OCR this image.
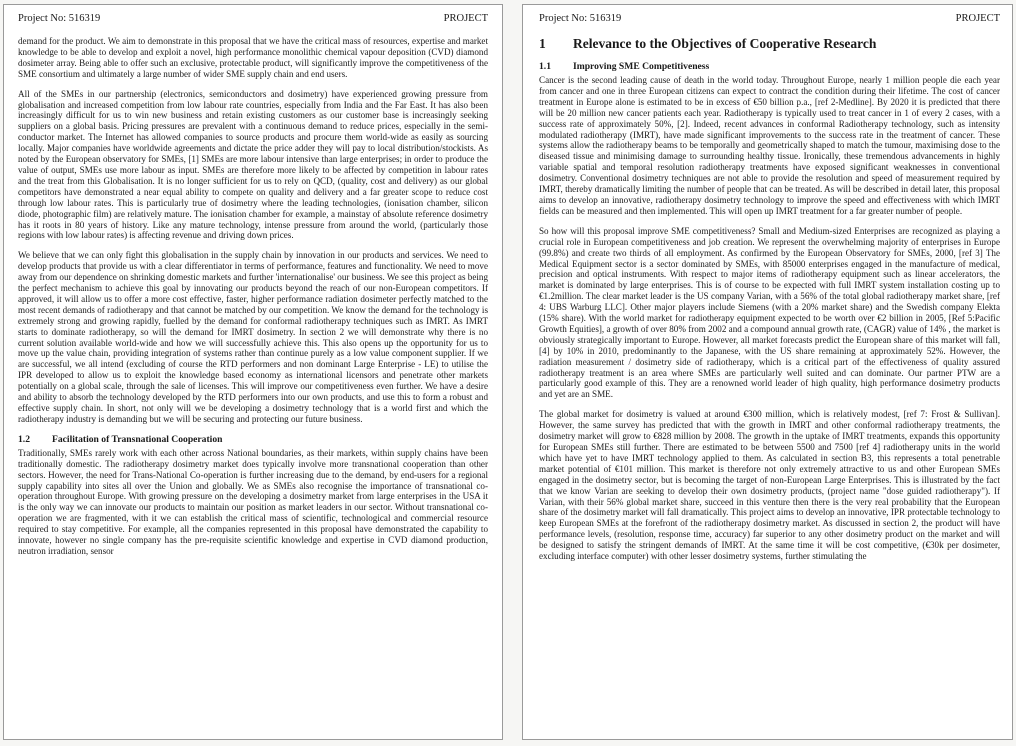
Project No: 516319	PROJECT

demand for the product. We aim to demonstrate in this proposal that we have the critical mass of resources, expertise and market knowledge to be able to develop and exploit a novel, high performance monolithic chemical vapour deposition (CVD) diamond dosimeter array. Being able to offer such an exclusive, protectable product, will significantly improve the competitiveness of the SME consortium and ultimately a large number of wider SME supply chain and end users.

All of the SMEs in our partnership (electronics, semiconductors and dosimetry) have experienced growing pressure from globalisation and increased competition from low labour rate countries, especially from India and the Far East. It has also been increasingly difficult for us to win new business and retain existing customers as our customer base is increasingly seeking suppliers on a global basis. Pricing pressures are prevalent with a continuous demand to reduce prices, especially in the semi-conductor market. The Internet has allowed companies to source products and procure them world-wide as easily as sourcing locally. Major companies have worldwide agreements and dictate the price adder they will pay to local distribution/stockists. As noted by the European observatory for SMEs, [1] SMEs are more labour intensive than large enterprises; in order to produce the value of output, SMEs use more labour as input. SMEs are therefore more likely to be affected by competition in labour rates and the treat from this Globalisation. It is no longer sufficient for us to rely on QCD, (quality, cost and delivery) as our global competitors have demonstrated a near equal ability to compete on quality and delivery and a far greater scope to reduce cost through low labour rates. This is particularly true of dosimetry where the leading technologies, (ionisation chamber, silicon diode, photographic film) are relatively mature. The ionisation chamber for example, a mainstay of absolute reference dosimetry has it roots in 80 years of history. Like any mature technology, intense pressure from around the world, (particularly those regions with low labour rates) is affecting revenue and driving down prices.

We believe that we can only fight this globalisation in the supply chain by innovation in our products and services. We need to develop products that provide us with a clear differentiator in terms of performance, features and functionality. We need to move away from our dependence on shrinking domestic markets and further 'internationalise' our business. We see this project as being the perfect mechanism to achieve this goal by innovating our products beyond the reach of our non-European competitors. If approved, it will allow us to offer a more cost effective, faster, higher performance radiation dosimeter perfectly matched to the most recent demands of radiotherapy and that cannot be matched by our competition. We know the demand for the technology is extremely strong and growing rapidly, fuelled by the demand for conformal radiotherapy techniques such as IMRT. As IMRT starts to dominate radiotherapy, so will the demand for IMRT dosimetry. In section 2 we will demonstrate why there is no current solution available world-wide and how we will successfully achieve this. This also opens up the opportunity for us to move up the value chain, providing integration of systems rather than continue purely as a low value component supplier. If we are successful, we all intend (excluding of course the RTD performers and non dominant Large Enterprise - LE) to utilise the IPR developed to allow us to exploit the knowledge based economy as international licensors and penetrate other markets potentially on a global scale, through the sale of licenses. This will improve our competitiveness even further. We have a desire and ability to absorb the technology developed by the RTD performers into our own products, and use this to form a robust and effective supply chain. In short, not only will we be developing a dosimetry technology that is a world first and which the radiotherapy industry is demanding but we will be securing and protecting our future business.

1.2	Facilitation of Transnational Cooperation

Traditionally, SMEs rarely work with each other across National boundaries, as their markets, within supply chains have been traditionally domestic. The radiotherapy dosimetry market does typically involve more transnational cooperation than other sectors. However, the need for Trans-National Co-operation is further increasing due to the demand, by end-users for a regional supply capability into sites all over the Union and globally. We as SMEs also recognise the importance of transnational co-operation throughout Europe. With growing pressure on the developing a dosimetry market from large enterprises in the USA it is the only way we can innovate our products to maintain our position as market leaders in our sector. Without transnational co-operation we are fragmented, with it we can establish the critical mass of scientific, technological and commercial resource required to stay competitive. For example, all the companies represented in this proposal have demonstrated the capability to innovate, however no single company has the pre-requisite scientific knowledge and expertise in CVD diamond production, neutron irradiation, sensor

Project No: 516319	PROJECT
1	Relevance to the Objectives of Cooperative Research
1.1	Improving SME Competitiveness

Cancer is the second leading cause of death in the world today. Throughout Europe, nearly 1 million people die each year from cancer and one in three European citizens can expect to contract the condition during their lifetime. The cost of cancer treatment in Europe alone is estimated to be in excess of €50 billion p.a., [ref 2-Medline]. By 2020 it is predicted that there will be 20 million new cancer patients each year. Radiotherapy is typically used to treat cancer in 1 of every 2 cases, with a success rate of approximately 50%, [2]. Indeed, recent advances in conformal Radiotherapy technology, such as intensity modulated radiotherapy (IMRT), have made significant improvements to the success rate in the treatment of cancer. These systems allow the radiotherapy beams to be temporally and geometrically shaped to match the tumour, maximising dose to the diseased tissue and minimising damage to surrounding healthy tissue. Ironically, these tremendous advancements in highly variable spatial and temporal resolution radiotherapy treatments have exposed significant weaknesses in conventional dosimetry. Conventional dosimetry techniques are not able to provide the resolution and speed of measurement required by IMRT, thereby dramatically limiting the number of people that can be treated. As will be described in detail later, this proposal aims to develop an innovative, radiotherapy dosimetry technology to improve the speed and effectiveness with which IMRT fields can be measured and then implemented. This will open up IMRT treatment for a far greater number of people.

So how will this proposal improve SME competitiveness? Small and Medium-sized Enterprises are recognized as playing a crucial role in European competitiveness and job creation. We represent the overwhelming majority of enterprises in Europe (99.8%) and create two thirds of all employment. As confirmed by the European Observatory for SMEs, 2000, [ref 3] The Medical Equipment sector is a sector dominated by SMEs, with 85000 enterprises engaged in the manufacture of medical, precision and optical instruments. With respect to major items of radiotherapy equipment such as linear accelerators, the market is dominated by large enterprises. This is of course to be expected with full IMRT system installation costing up to €1.2million. The clear market leader is the US company Varian, with a 56% of the total global radiotherapy market share, [ref 4: UBS Warburg LLC]. Other major players include Siemens (with a 20% market share) and the Swedish company Elekta (15% share). With the world market for radiotherapy equipment expected to be worth over €2 billion in 2005, [Ref 5:Pacific Growth Equities], a growth of over 80% from 2002 and a compound annual growth rate, (CAGR) value of 14% , the market is obviously strategically important to Europe. However, all market forecasts predict the European share of this market will fall, [4] by 10% in 2010, predominantly to the Japanese, with the US share remaining at approximately 52%. However, the radiation measurement / dosimetry side of radiotherapy, which is a critical part of the effectiveness of quality assured radiotherapy treatment is an area where SMEs are particularly well suited and can dominate. Our partner PTW are a particularly good example of this. They are a renowned world leader of high quality, high performance dosimetry products and yet are an SME.

The global market for dosimetry is valued at around €300 million, which is relatively modest, [ref 7: Frost & Sullivan]. However, the same survey has predicted that with the growth in IMRT and other conformal radiotherapy treatments, the dosimetry market will grow to €828 million by 2008. The growth in the uptake of IMRT treatments, expands this opportunity for European SMEs still further. There are estimated to be between 5500 and 7500 [ref 4] radiotherapy units in the world which have yet to have IMRT technology applied to them. As calculated in section B3, this represents a total penetrable market potential of €101 million. This market is therefore not only extremely attractive to us and other European SMEs engaged in the dosimetry sector, but is becoming the target of non-European Large Enterprises. This is illustrated by the fact that we know Varian are seeking to develop their own dosimetry products, (project name "dose guided radiotherapy"). If Varian, with their 56% global market share, succeed in this venture then there is the very real probability that the European share of the dosimetry market will fall dramatically. This project aims to develop an innovative, IPR protectable technology to keep European SMEs at the forefront of the radiotherapy dosimetry market. As discussed in section 2, the product will have performance levels, (resolution, response time, accuracy) far superior to any other dosimetry product on the market and will be designed to satisfy the stringent demands of IMRT. At the same time it will be cost competitive, (€30k per dosimeter, excluding interface computer) with other lesser dosimetry systems, further stimulating the
